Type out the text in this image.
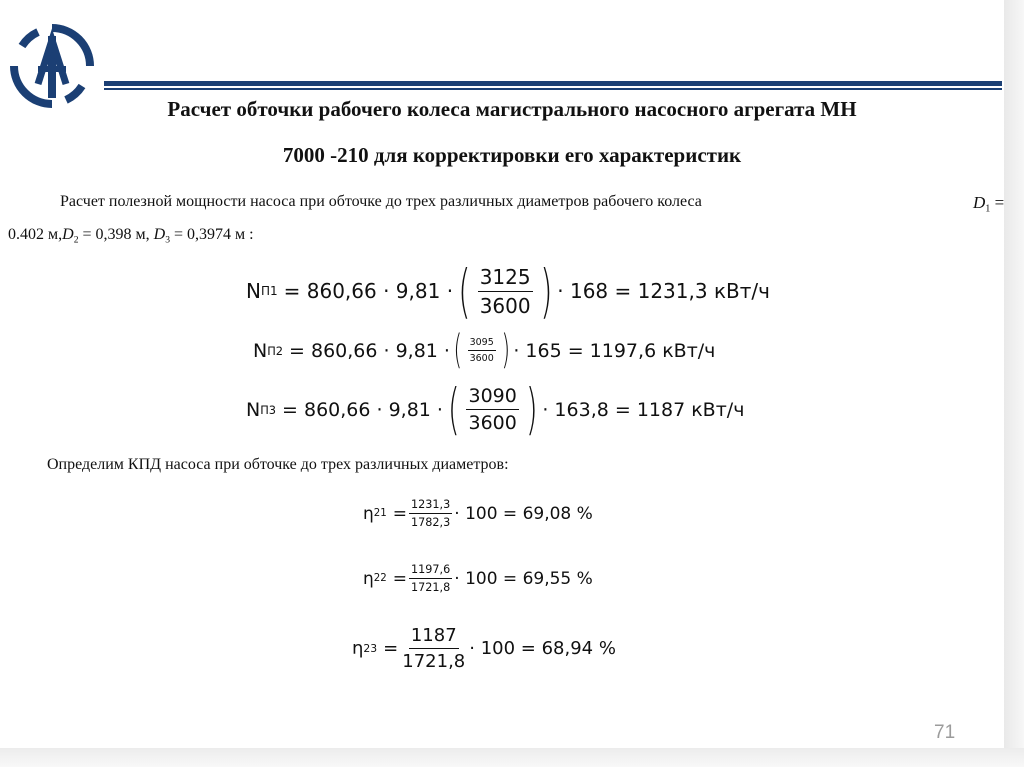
Расчет обточки рабочего колеса магистрального насосного агрегата МН
7000 -210 для корректировки его характеристик
Расчет полезной мощности насоса при обточке до трех различных диаметров рабочего колеса	$D_1$ =
0.402 $м,D_2 = 0,398$ м, $D_3 = 0,3974$ м :
N П1 = 860,66 · 9,81 · ( $\frac{3125}{3600}$ ) · 168 = 1231,3 кВт/ч
N П2 = 860,66 · 9,81 · ( $\frac{3095}{3600}$ ) · 165 = 1197,6 кВт/ч
N П3 = 860,66 · 9,81 · ( $\frac{3090}{3600}$ ) · 163,8 = 1187 кВт/ч
Определим КПД насоса при обточке до трех различных диаметров:
η $21 = \frac{1231,3}{1782,3} \cdot 100 = 69,08$ %
η $22 = \frac{1197,6}{1721,8} \cdot 100 = 69,55$ %
η $23 = \frac{1187}{1721,8} \cdot 100 = 68,94$ %
71
